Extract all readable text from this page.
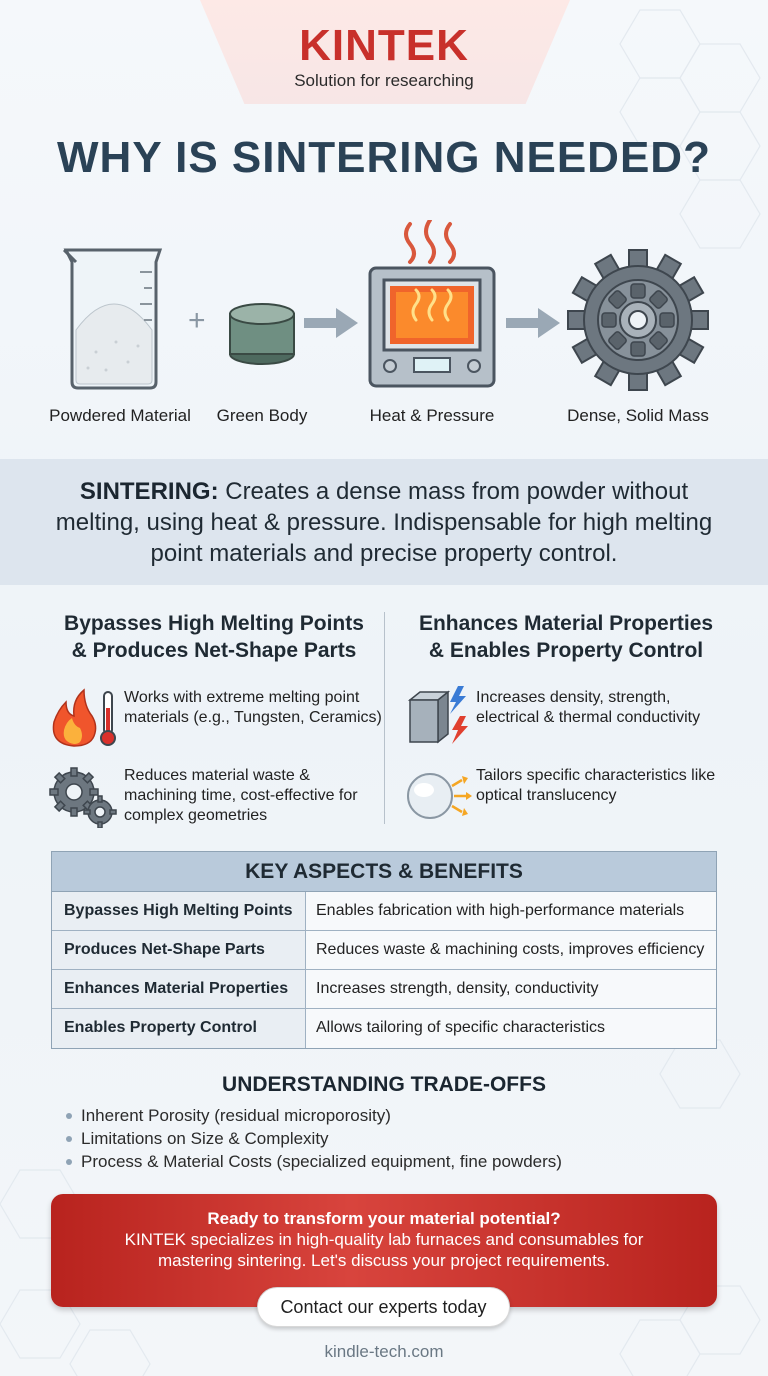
KINTEK
Solution for researching
WHY IS SINTERING NEEDED?
+
Powdered Material	Green Body	Heat & Pressure	Dense, Solid Mass
SINTERING: Creates a dense mass from powder without melting, using heat & pressure. Indispensable for high melting point materials and precise property control.
Bypasses High Melting Points
& Produces Net-Shape Parts
Works with extreme melting point materials (e.g., Tungsten, Ceramics)
Reduces material waste & machining time, cost-effective for complex geometries
Enhances Material Properties
& Enables Property Control
Increases density, strength, electrical & thermal conductivity
Tailors specific characteristics like optical translucency
KEY ASPECTS & BENEFITS
Bypasses High Melting Points	Enables fabrication with high-performance materials
Produces Net-Shape Parts	Reduces waste & machining costs, improves efficiency
Enhances Material Properties	Increases strength, density, conductivity
Enables Property Control	Allows tailoring of specific characteristics
UNDERSTANDING TRADE-OFFS
Inherent Porosity (residual microporosity)
Limitations on Size & Complexity
Process & Material Costs (specialized equipment, fine powders)
Ready to transform your material potential?
KINTEK specializes in high-quality lab furnaces and consumables for mastering sintering. Let's discuss your project requirements.
Contact our experts today
kindle-tech.com
